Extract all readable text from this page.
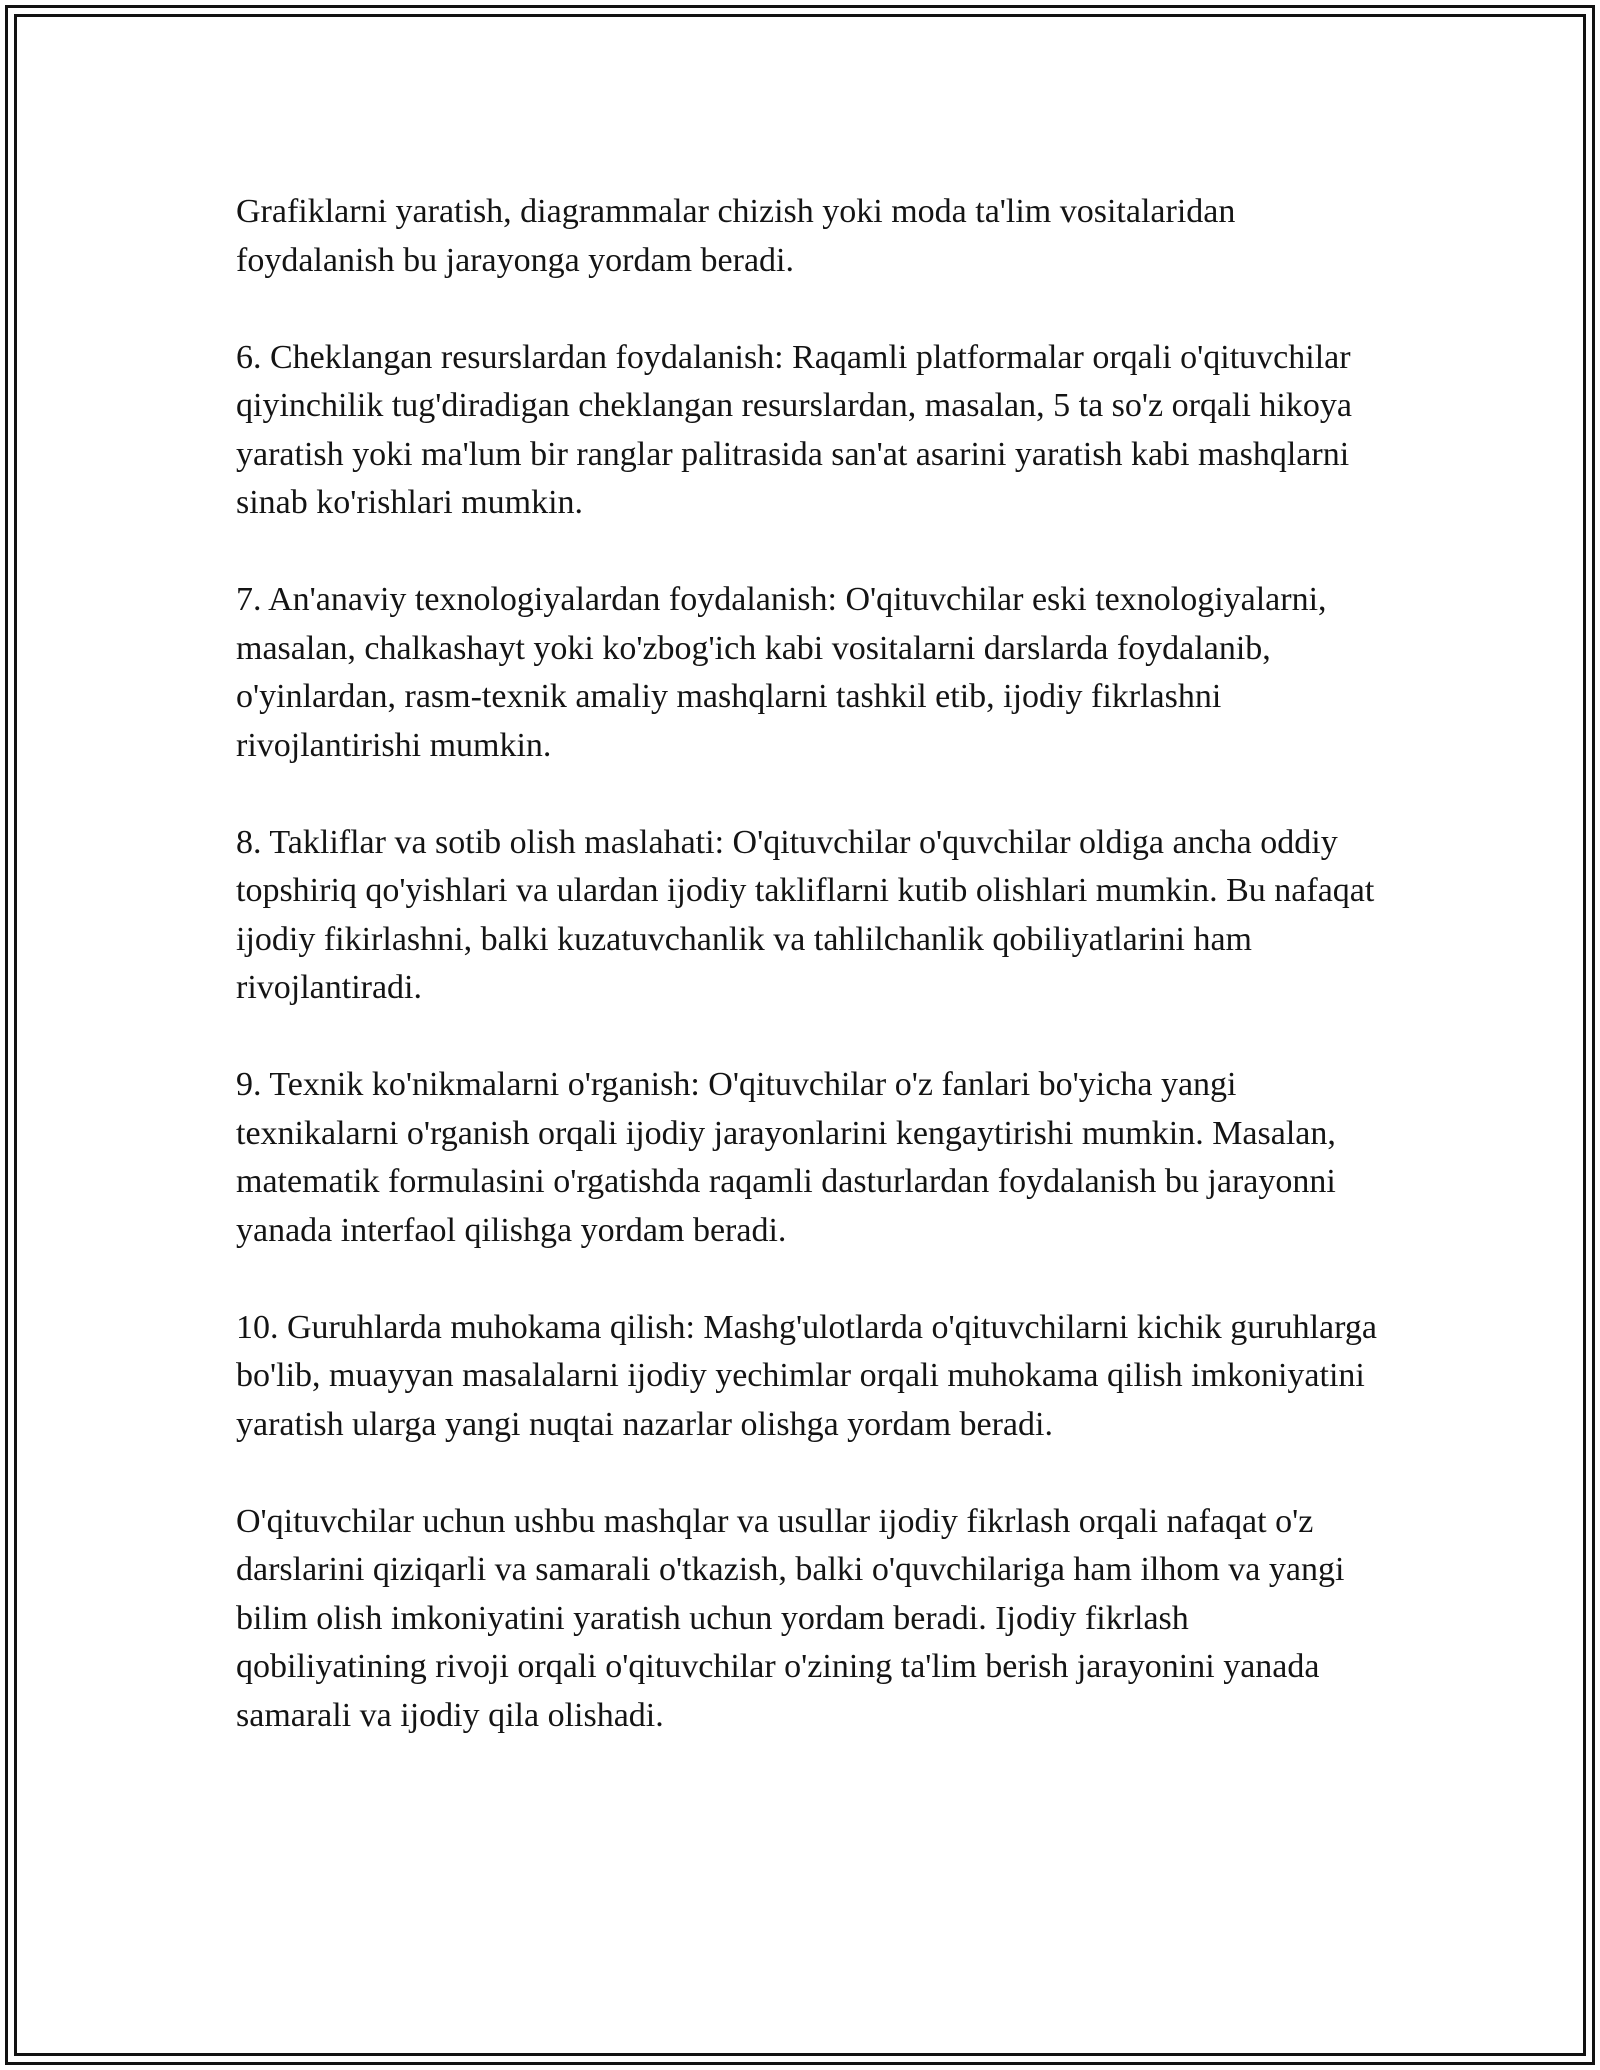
Grafiklarni yaratish, diagrammalar chizish yoki moda ta'lim vositalaridan foydalanish bu jarayonga yordam beradi.

6. Cheklangan resurslardan foydalanish: Raqamli platformalar orqali o'qituvchilar qiyinchilik tug'diradigan cheklangan resurslardan, masalan, 5 ta so'z orqali hikoya yaratish yoki ma'lum bir ranglar palitrasida san'at asarini yaratish kabi mashqlarni sinab ko'rishlari mumkin.

7. An'anaviy texnologiyalardan foydalanish: O'qituvchilar eski texnologiyalarni, masalan, chalkashayt yoki ko'zbog'ich kabi vositalarni darslarda foydalanib, o'yinlardan, rasm-texnik amaliy mashqlarni tashkil etib, ijodiy fikrlashni rivojlantirishi mumkin.

8. Takliflar va sotib olish maslahati: O'qituvchilar o'quvchilar oldiga ancha oddiy topshiriq qo'yishlari va ulardan ijodiy takliflarni kutib olishlari mumkin. Bu nafaqat ijodiy fikirlashni, balki kuzatuvchanlik va tahlilchanlik qobiliyatlarini ham rivojlantiradi.

9. Texnik ko'nikmalarni o'rganish: O'qituvchilar o'z fanlari bo'yicha yangi texnikalarni o'rganish orqali ijodiy jarayonlarini kengaytirishi mumkin. Masalan, matematik formulasini o'rgatishda raqamli dasturlardan foydalanish bu jarayonni yanada interfaol qilishga yordam beradi.

10. Guruhlarda muhokama qilish: Mashg'ulotlarda o'qituvchilarni kichik guruhlarga bo'lib, muayyan masalalarni ijodiy yechimlar orqali muhokama qilish imkoniyatini yaratish ularga yangi nuqtai nazarlar olishga yordam beradi.

O'qituvchilar uchun ushbu mashqlar va usullar ijodiy fikrlash orqali nafaqat o'z darslarini qiziqarli va samarali o'tkazish, balki o'quvchilariga ham ilhom va yangi bilim olish imkoniyatini yaratish uchun yordam beradi. Ijodiy fikrlash qobiliyatining rivoji orqali o'qituvchilar o'zining ta'lim berish jarayonini yanada samarali va ijodiy qila olishadi.
